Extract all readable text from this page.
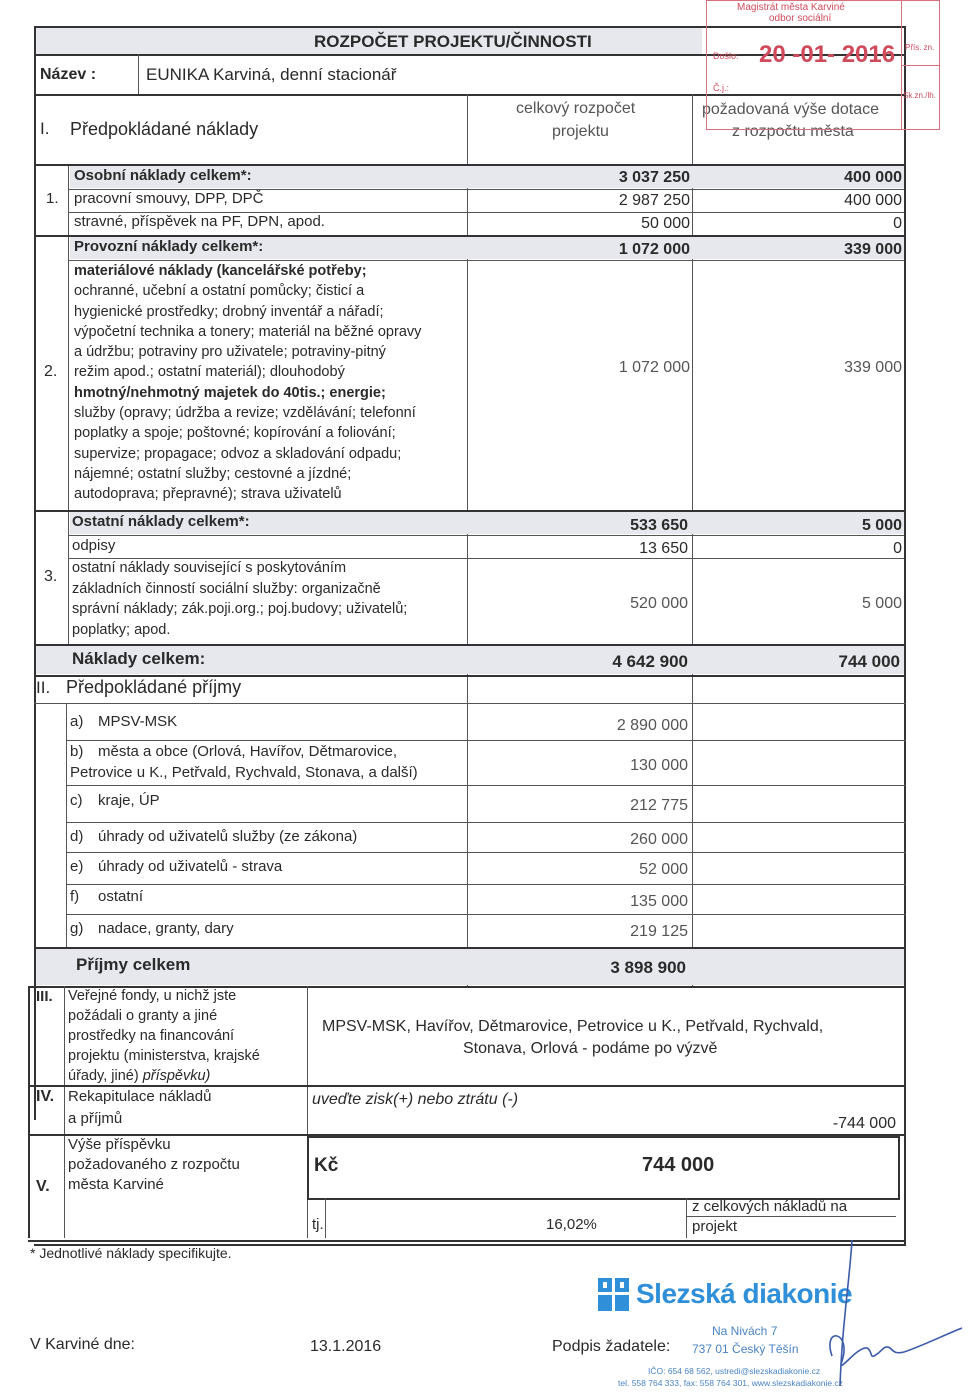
ROZPOČET PROJEKTU/ČINNOSTI
Název :	EUNIKA Karviná, denní stacionář
I. Předpokládané náklady
celkový rozpočet
projektu
požadovaná výše dotace
z rozpočtu města
1.
Osobní náklady celkem*:	3 037 250	400 000
pracovní smouvy, DPP, DPČ	2 987 250	400 000
stravné, příspěvek na PF, DPN, apod.	50 000	0
Provozní náklady celkem*:	1 072 000	339 000
2.
materiálové náklady (kancelářské potřeby;
ochranné, učební a ostatní pomůcky; čisticí a
hygienické prostředky; drobný inventář a nářadí;
výpočetní technika a tonery; materiál na běžné opravy
a údržbu; potraviny pro uživatele; potraviny-pitný
režim apod.; ostatní materiál); dlouhodobý
hmotný/nehmotný majetek do 40tis.; energie;
služby (opravy; údržba a revize; vzdělávání; telefonní
poplatky a spoje; poštovné; kopírování a foliování;
supervize; propagace; odvoz a skladování odpadu;
nájemné; ostatní služby; cestovné a jízdné;
autodoprava; přepravné); strava uživatelů
1 072 000	339 000
Ostatní náklady celkem*:	533 650	5 000
3.
odpisy	13 650	0
ostatní náklady související s poskytováním
základních činností sociální služby: organizačně
správní náklady; zák.poji.org.; poj.budovy; uživatelů;
poplatky; apod.
520 000	5 000
Náklady celkem:	4 642 900	744 000
II. Předpokládané příjmy
a) MPSV-MSK	2 890 000
b) města a obce (Orlová, Havířov, Dětmarovice,
Petrovice u K., Petřvald, Rychvald, Stonava, a další)	130 000
c) kraje, ÚP	212 775
d) úhrady od uživatelů služby (ze zákona)	260 000
e) úhrady od uživatelů - strava	52 000
f) ostatní	135 000
g) nadace, granty, dary	219 125
Příjmy celkem	3 898 900
III. Veřejné fondy, u nichž jste
požádali o granty a jiné
prostředky na financování
projektu (ministerstva, krajské
úřady, jiné) příspěvku)
MPSV-MSK, Havířov, Dětmarovice, Petrovice u K., Petřvald, Rychvald,
Stonava, Orlová - podáme po výzvě
IV. Rekapitulace nákladů
a příjmů
uveďte zisk(+) nebo ztrátu (-)
-744 000
V.
Výše příspěvku
požadovaného z rozpočtu
města Karviné
Kč	744 000
tj.	16,02%
z celkových nákladů na
projekt
* Jednotlivé náklady specifikujte.
V Karviné dne:	13.1.2016	Podpis žadatele:
Slezská diakonie
Na Nivách 7
737 01 Český Těšín
IČO: 654 68 562, ustredi@slezskadiakonie.cz
tel. 558 764 333, fax: 558 764 301, www.slezskadiakonie.cz
Magistrát města Karviné
odbor sociální
Došlo: 20 -01- 2016
Č.j.:
Přís. zn.
Sk.zn./lh.
